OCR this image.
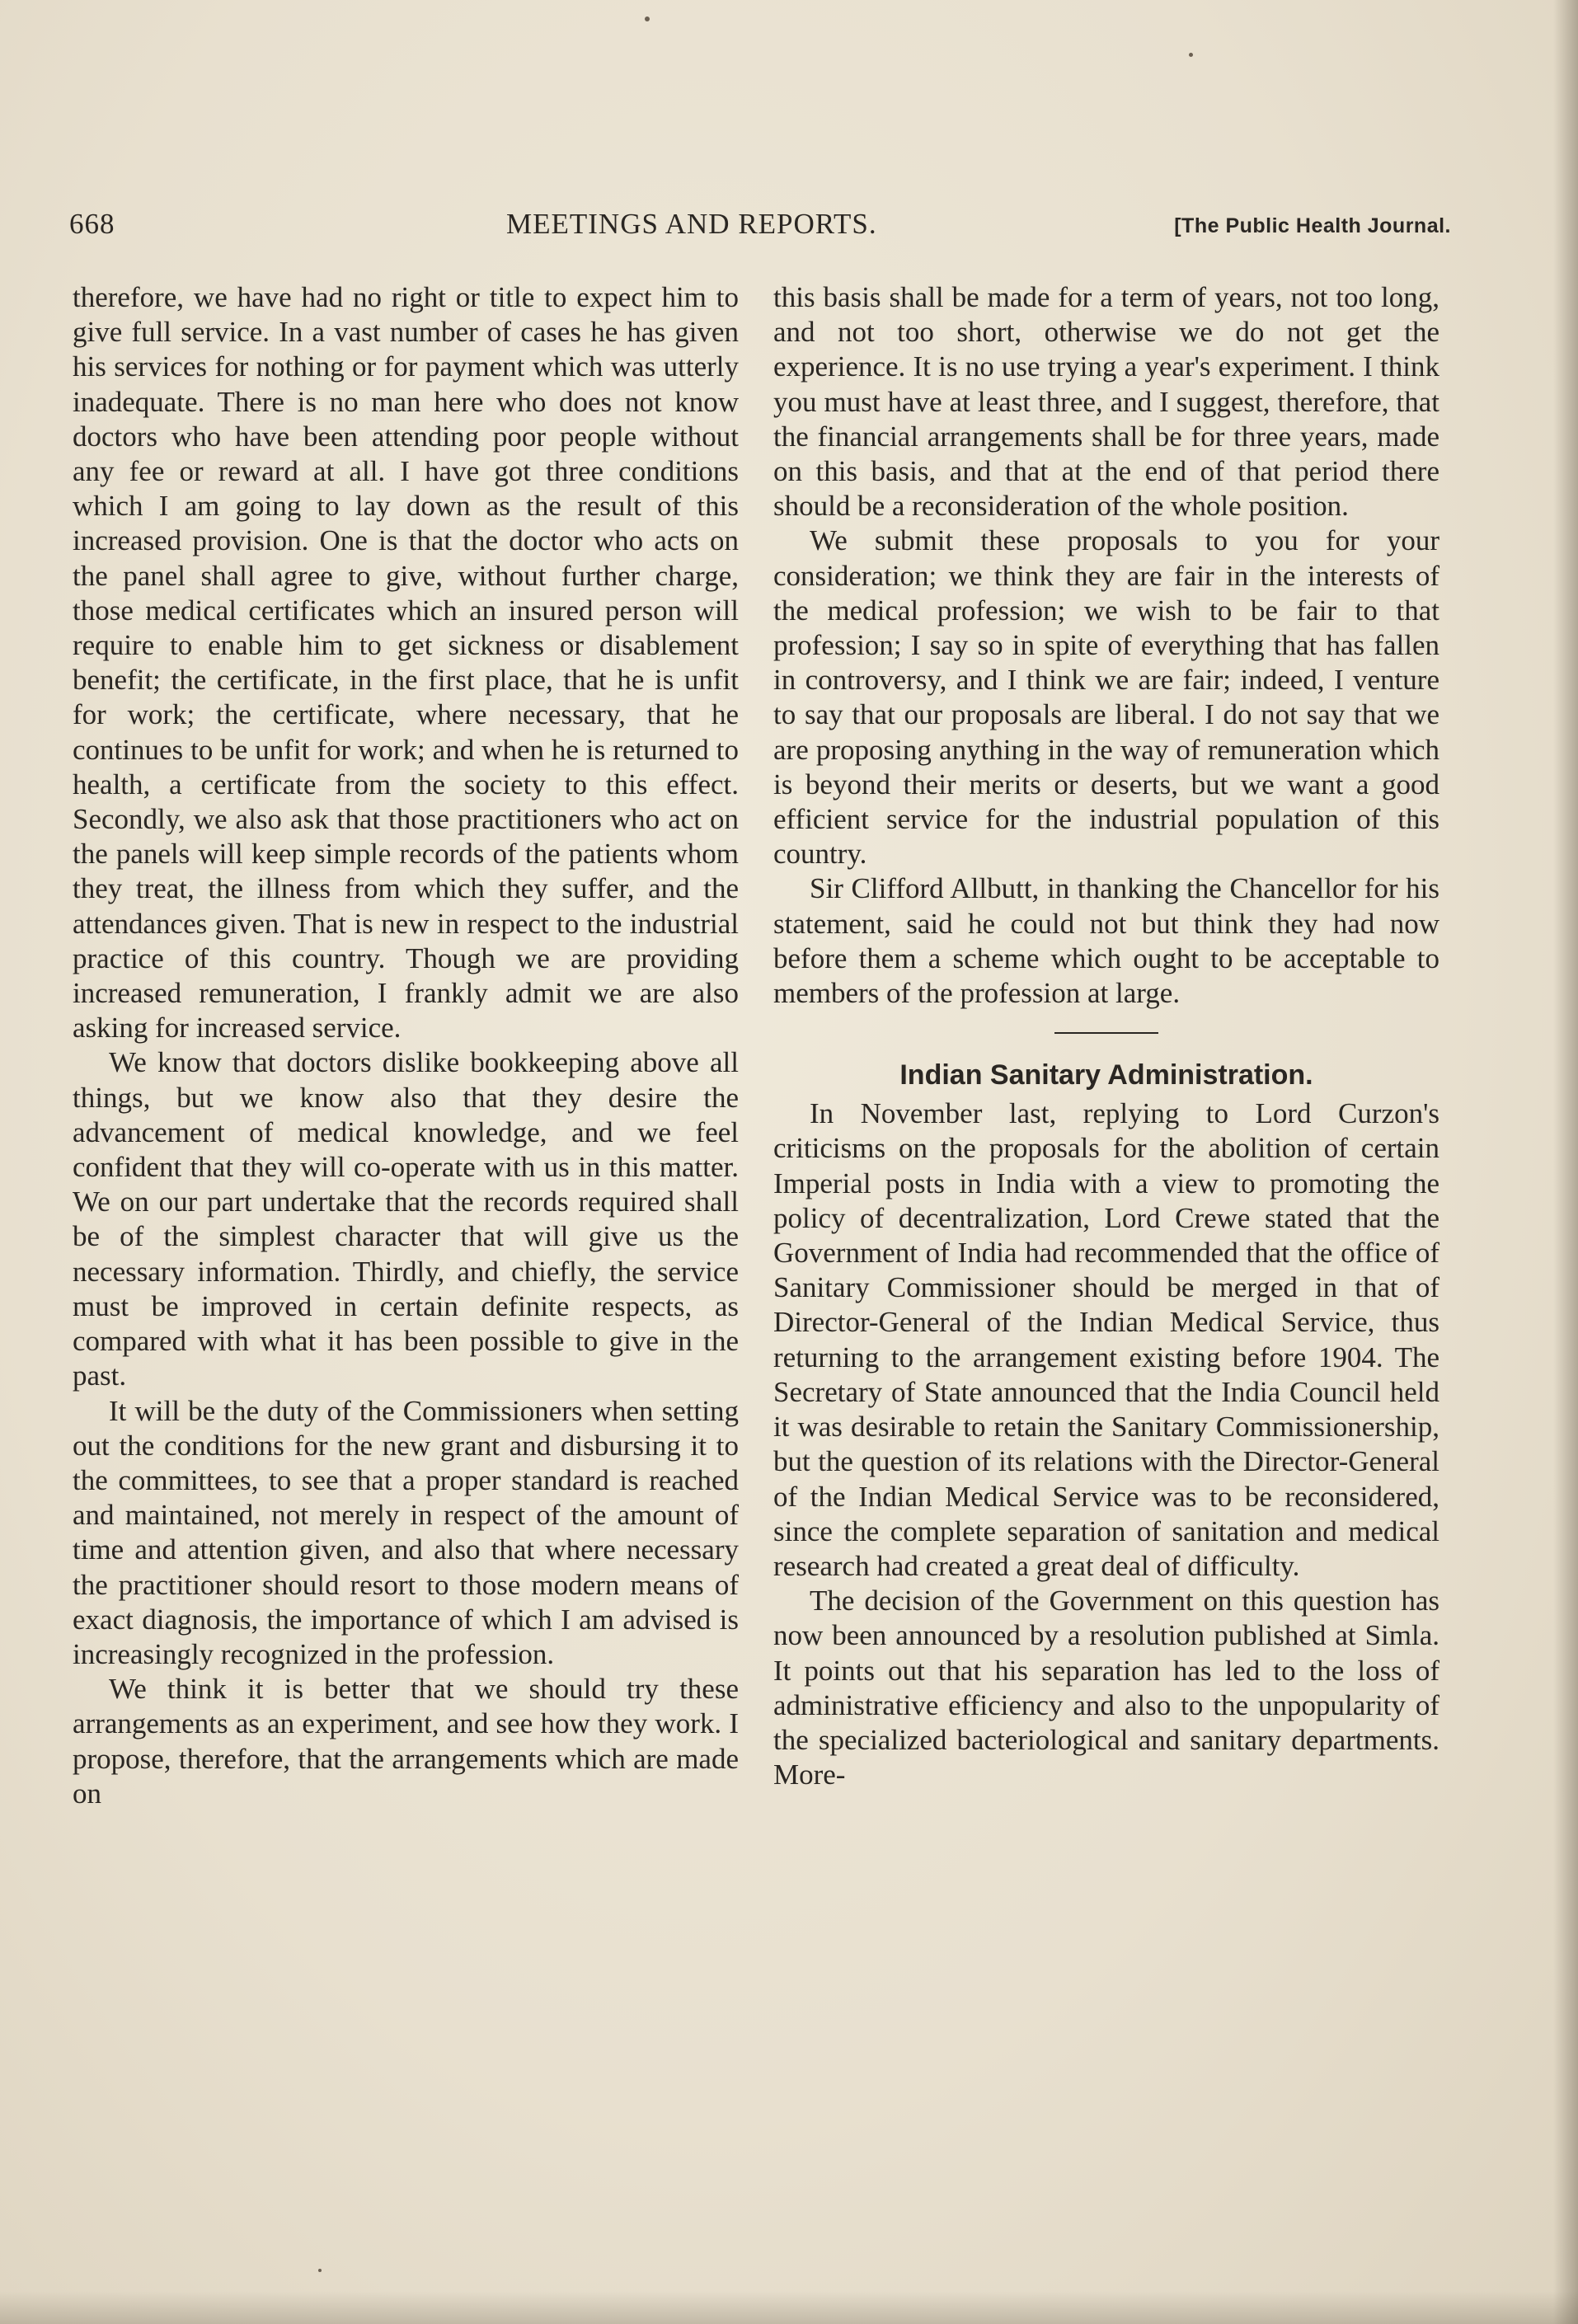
668	MEETINGS AND REPORTS.	[The Public Health Journal.

therefore, we have had no right or title to expect him to give full service. In a vast number of cases he has given his services for nothing or for payment which was utterly inadequate. There is no man here who does not know doctors who have been attending poor people without any fee or reward at all. I have got three conditions which I am going to lay down as the result of this increased provision. One is that the doctor who acts on the panel shall agree to give, without further charge, those medical certificates which an insured person will require to enable him to get sickness or disablement benefit; the certificate, in the first place, that he is unfit for work; the certificate, where necessary, that he continues to be unfit for work; and when he is returned to health, a certificate from the society to this effect. Secondly, we also ask that those practitioners who act on the panels will keep simple records of the patients whom they treat, the illness from which they suffer, and the attendances given. That is new in respect to the industrial practice of this country. Though we are providing increased remuneration, I frankly admit we are also asking for increased service.

We know that doctors dislike bookkeeping above all things, but we know also that they desire the advancement of medical knowledge, and we feel confident that they will co-operate with us in this matter. We on our part undertake that the records required shall be of the simplest character that will give us the necessary information. Thirdly, and chiefly, the service must be improved in certain definite respects, as compared with what it has been possible to give in the past.

It will be the duty of the Commissioners when setting out the conditions for the new grant and disbursing it to the committees, to see that a proper standard is reached and maintained, not merely in respect of the amount of time and attention given, and also that where necessary the practitioner should resort to those modern means of exact diagnosis, the importance of which I am advised is increasingly recognized in the profession.

We think it is better that we should try these arrangements as an experiment, and see how they work. I propose, therefore, that the arrangements which are made on

this basis shall be made for a term of years, not too long, and not too short, otherwise we do not get the experience. It is no use trying a year's experiment. I think you must have at least three, and I suggest, therefore, that the financial arrangements shall be for three years, made on this basis, and that at the end of that period there should be a reconsideration of the whole position.

We submit these proposals to you for your consideration; we think they are fair in the interests of the medical profession; we wish to be fair to that profession; I say so in spite of everything that has fallen in controversy, and I think we are fair; indeed, I venture to say that our proposals are liberal. I do not say that we are proposing anything in the way of remuneration which is beyond their merits or deserts, but we want a good efficient service for the industrial population of this country.

Sir Clifford Allbutt, in thanking the Chancellor for his statement, said he could not but think they had now before them a scheme which ought to be acceptable to members of the profession at large.

Indian Sanitary Administration.

In November last, replying to Lord Curzon's criticisms on the proposals for the abolition of certain Imperial posts in India with a view to promoting the policy of decentralization, Lord Crewe stated that the Government of India had recommended that the office of Sanitary Commissioner should be merged in that of Director-General of the Indian Medical Service, thus returning to the arrangement existing before 1904. The Secretary of State announced that the India Council held it was desirable to retain the Sanitary Commissionership, but the question of its relations with the Director-General of the Indian Medical Service was to be reconsidered, since the complete separation of sanitation and medical research had created a great deal of difficulty.

The decision of the Government on this question has now been announced by a resolution published at Simla. It points out that his separation has led to the loss of administrative efficiency and also to the unpopularity of the specialized bacteriological and sanitary departments. More-
